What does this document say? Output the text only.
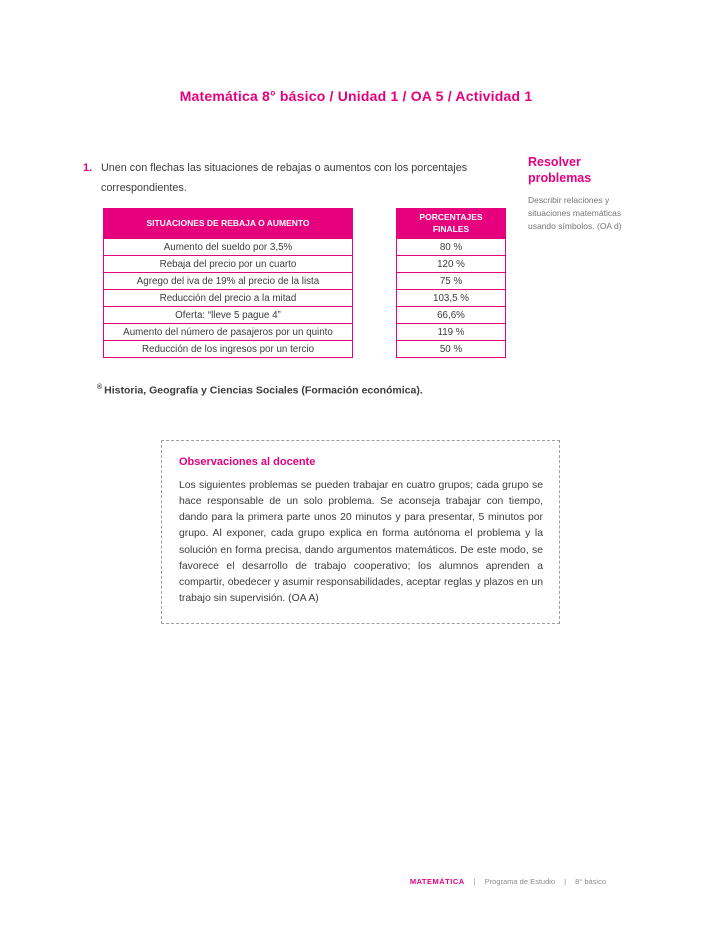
Matemática 8° básico / Unidad 1 / OA 5 / Actividad 1
1. Unen con flechas las situaciones de rebajas o aumentos con los porcentajes correspondientes.
Resolver problemas
Describir relaciones y situaciones matemáticas usando símbolos. (OA d)
SITUACIONES DE REBAJA O AUMENTO
Aumento del sueldo por 3,5%
Rebaja del precio por un cuarto
Agrego del iva de 19% al precio de la lista
Reducción del precio a la mitad
Oferta: “lleve 5 pague 4”
Aumento del número de pasajeros por un quinto
Reducción de los ingresos por un tercio
PORCENTAJES FINALES
80 %
120 %
75 %
103,5 %
66,6%
119 %
50 %
® Historia, Geografía y Ciencias Sociales (Formación económica).
Observaciones al docente
Los siguientes problemas se pueden trabajar en cuatro grupos; cada grupo se hace responsable de un solo problema. Se aconseja trabajar con tiempo, dando para la primera parte unos 20 minutos y para presentar, 5 minutos por grupo. Al exponer, cada grupo explica en forma autónoma el problema y la solución en forma precisa, dando argumentos matemáticos. De este modo, se favorece el desarrollo de trabajo cooperativo; los alumnos aprenden a compartir, obedecer y asumir responsabilidades, aceptar reglas y plazos en un trabajo sin supervisión. (OA A)
MATEMÁTICA | Programa de Estudio | 8° básico
